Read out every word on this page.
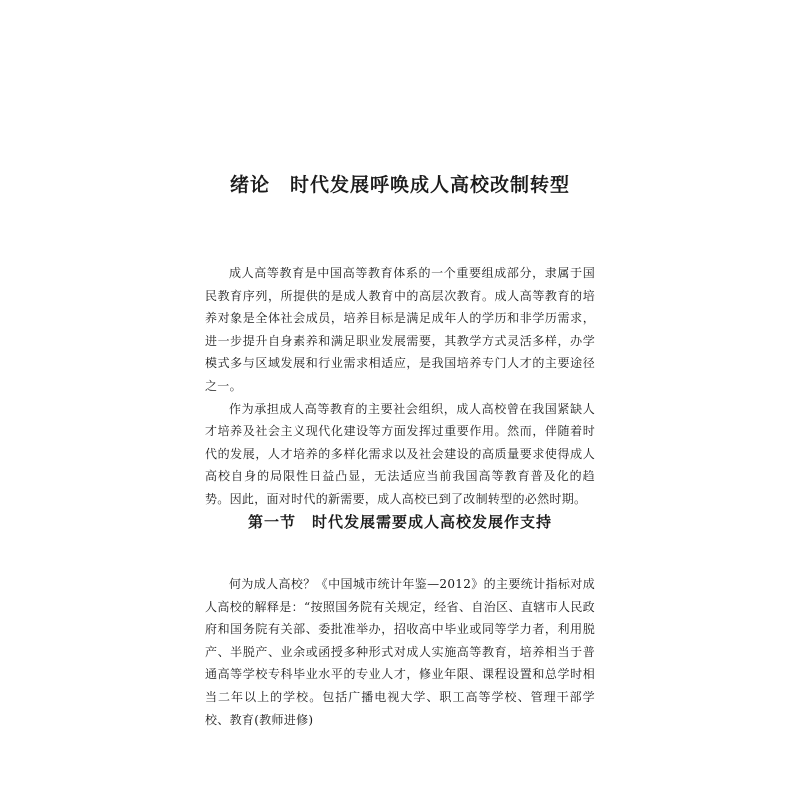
绪论　时代发展呼唤成人高校改制转型

成人高等教育是中国高等教育体系的一个重要组成部分，隶属于国民教育序列，所提供的是成人教育中的高层次教育。成人高等教育的培养对象是全体社会成员，培养目标是满足成年人的学历和非学历需求，进一步提升自身素养和满足职业发展需要，其教学方式灵活多样，办学模式多与区域发展和行业需求相适应，是我国培养专门人才的主要途径之一。

作为承担成人高等教育的主要社会组织，成人高校曾在我国紧缺人才培养及社会主义现代化建设等方面发挥过重要作用。然而，伴随着时代的发展，人才培养的多样化需求以及社会建设的高质量要求使得成人高校自身的局限性日益凸显，无法适应当前我国高等教育普及化的趋势。因此，面对时代的新需要，成人高校已到了改制转型的必然时期。

第一节　时代发展需要成人高校发展作支持

何为成人高校？《中国城市统计年鉴—2012》的主要统计指标对成人高校的解释是：“按照国务院有关规定，经省、自治区、直辖市人民政府和国务院有关部、委批准举办，招收高中毕业或同等学力者，利用脱产、半脱产、业余或函授多种形式对成人实施高等教育，培养相当于普通高等学校专科毕业水平的专业人才，修业年限、课程设置和总学时相当二年以上的学校。包括广播电视大学、职工高等学校、管理干部学校、教育(教师进修)
